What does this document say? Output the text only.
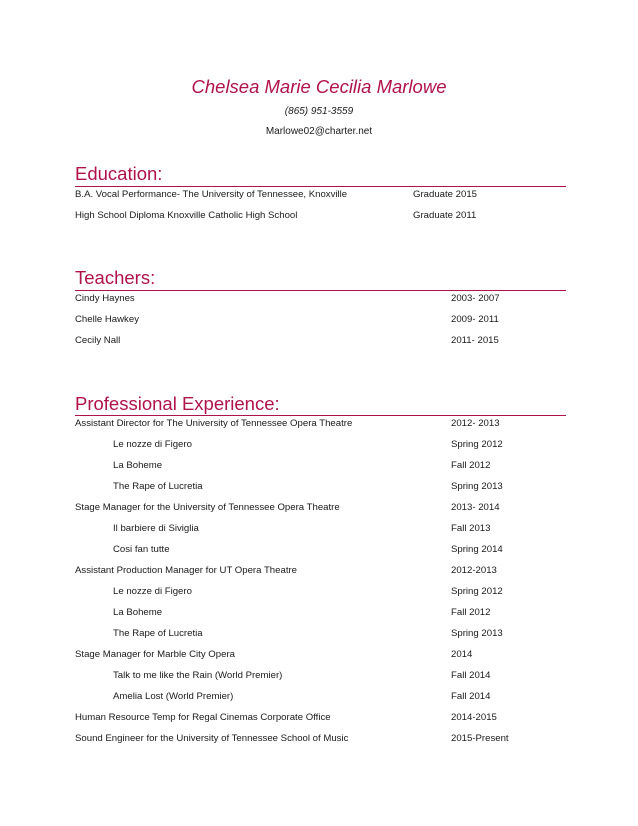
Chelsea Marie Cecilia Marlowe
(865) 951-3559
Marlowe02@charter.net
Education:
B.A. Vocal Performance- The University of Tennessee, Knoxville	Graduate 2015
High School Diploma Knoxville Catholic High School	Graduate 2011
Teachers:
Cindy Haynes	2003- 2007
Chelle Hawkey	2009- 2011
Cecily Nall	2011- 2015
Professional Experience:
Assistant Director for The University of Tennessee Opera Theatre	2012- 2013
Le nozze di Figero	Spring 2012
La Boheme	Fall 2012
The Rape of Lucretia	Spring 2013
Stage Manager for the University of Tennessee Opera Theatre	2013- 2014
Il barbiere di Siviglia	Fall 2013
Cosi fan tutte	Spring 2014
Assistant Production Manager for UT Opera Theatre	2012-2013
Le nozze di Figero	Spring 2012
La Boheme	Fall 2012
The Rape of Lucretia	Spring 2013
Stage Manager for Marble City Opera	2014
Talk to me like the Rain (World Premier)	Fall 2014
Amelia Lost (World Premier)	Fall 2014
Human Resource Temp for Regal Cinemas Corporate Office	2014-2015
Sound Engineer for the University of Tennessee School of Music	2015-Present
